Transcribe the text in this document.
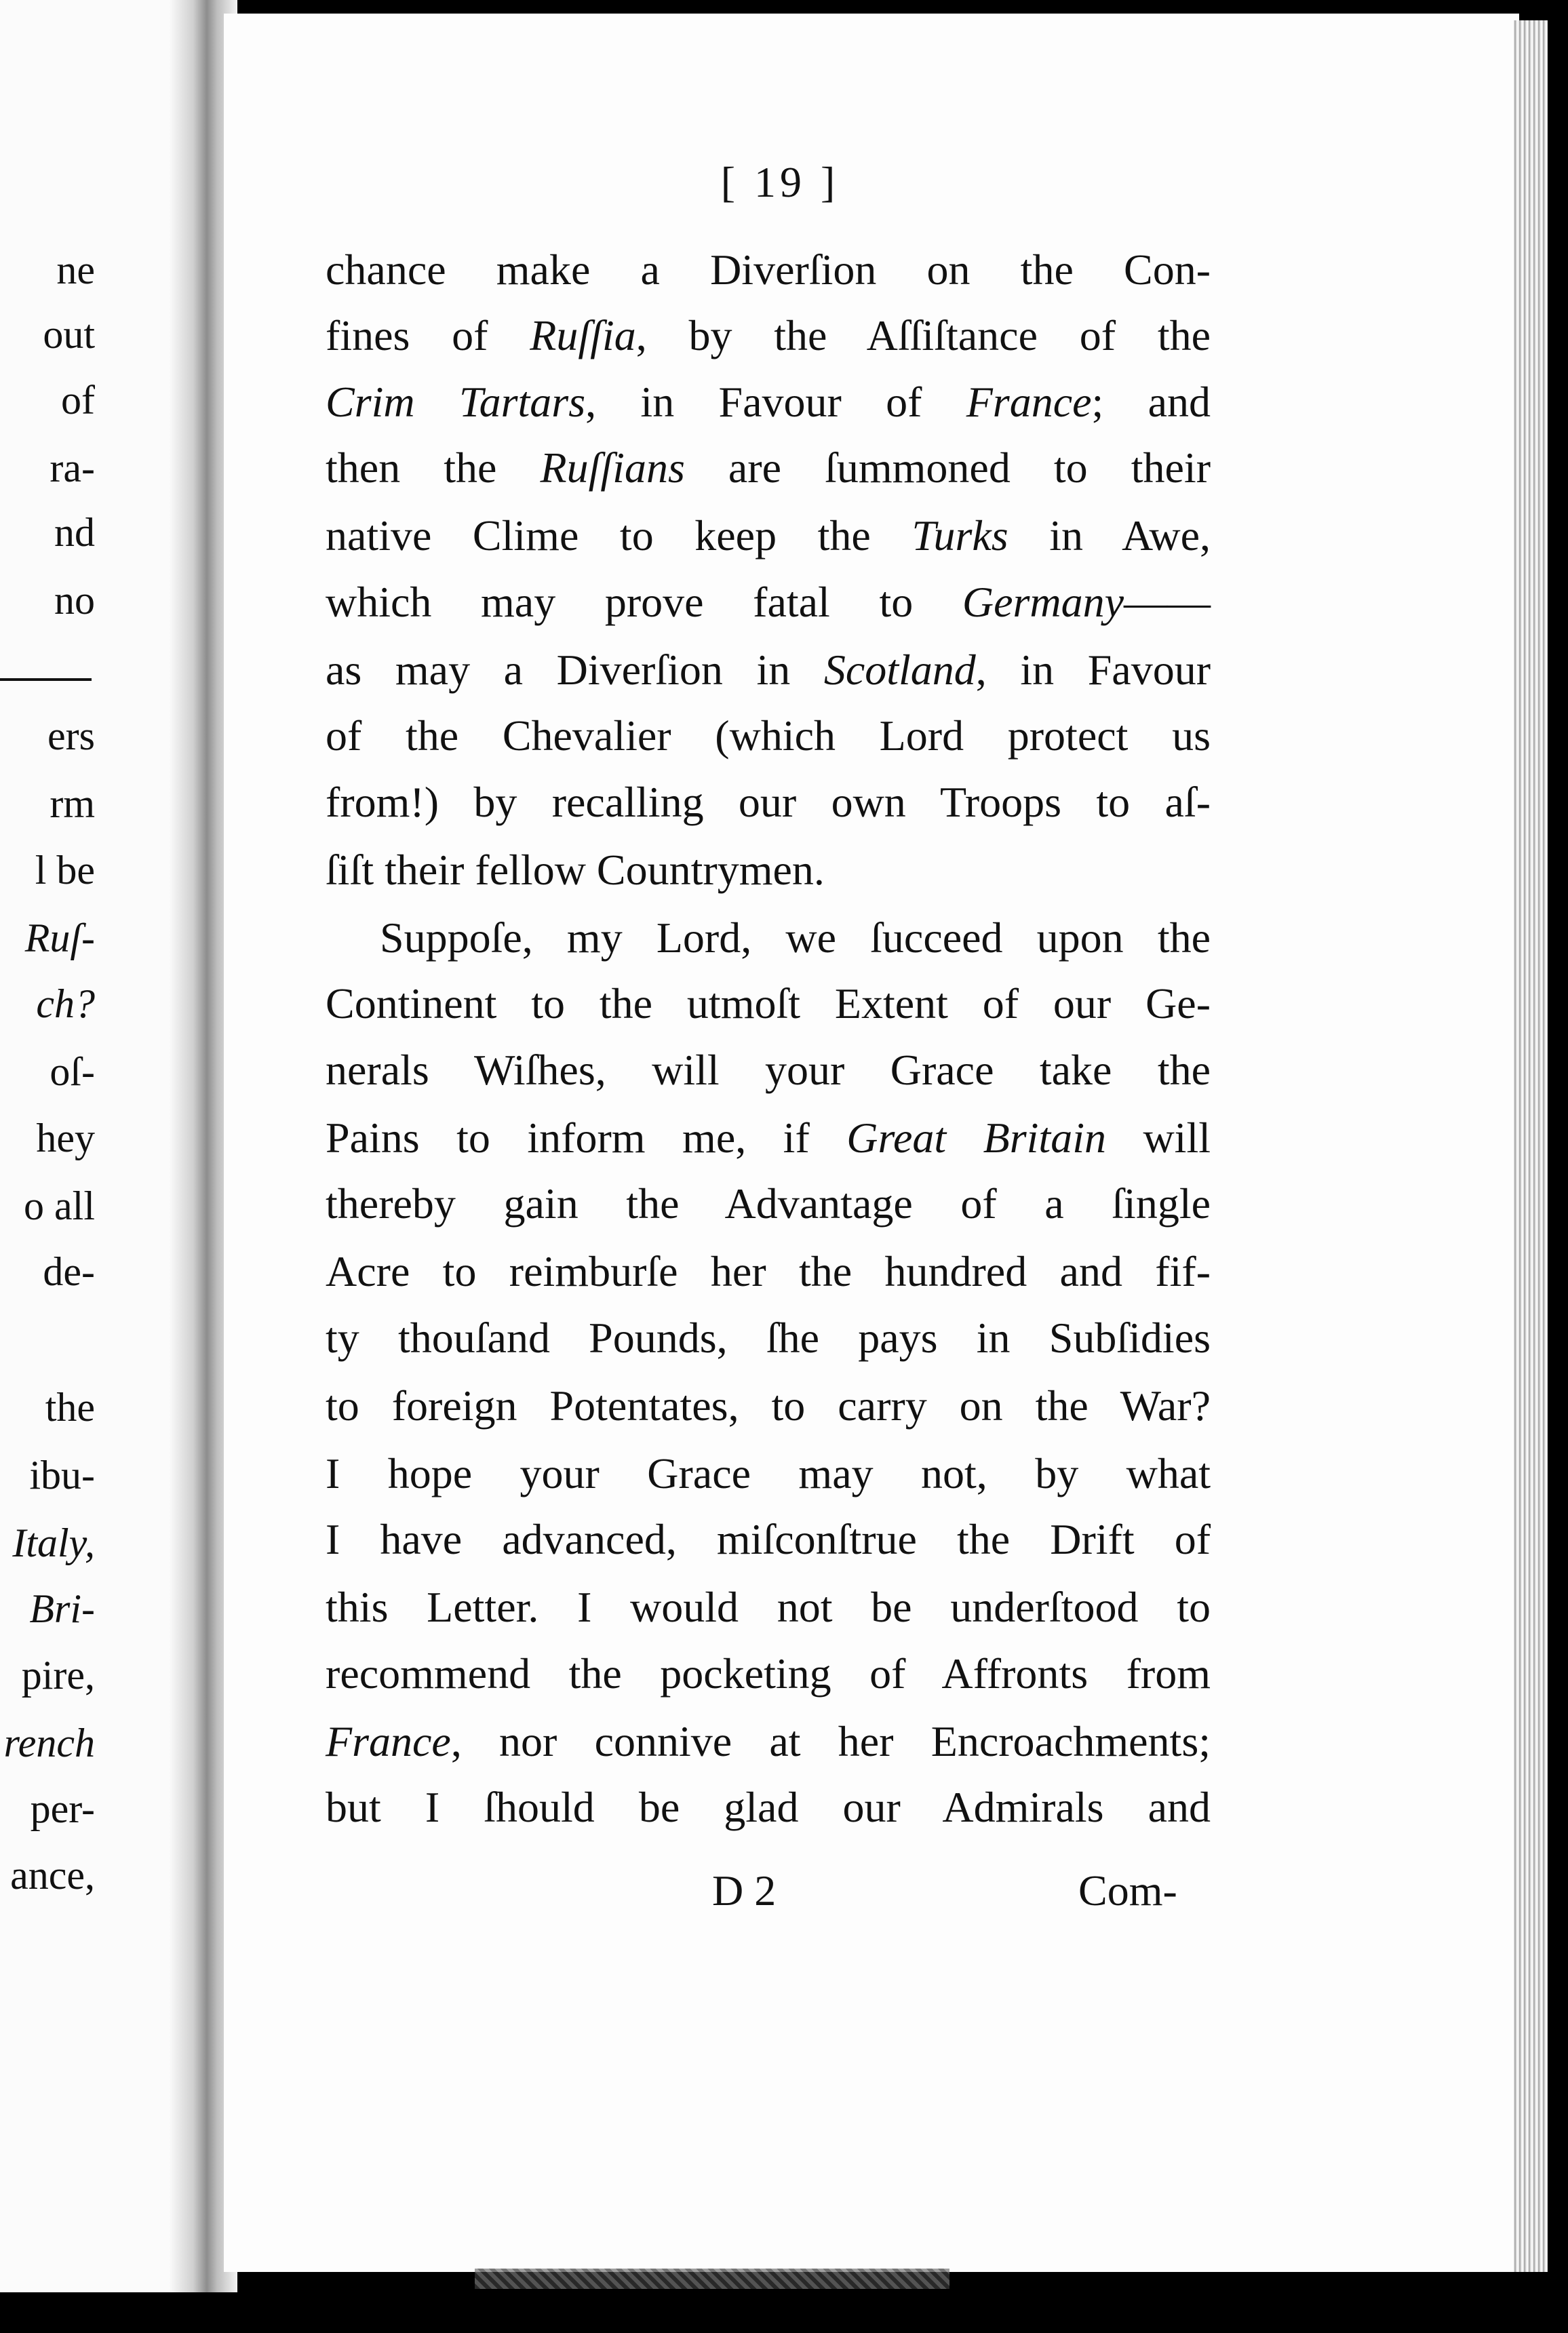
ne
out
of
ra-
nd
no
ers
rm
l be
Ruſ-
ch?
oſ-
hey
o all
de-
the
ibu-
Italy,
Bri-
pire,
rench
per-
ance,
[ 19 ]
chance make a Diverſion on the Con-
fines of Ruſſia, by the Aſſiſtance of the
Crim Tartars, in Favour of France; and
then the Ruſſians are ſummoned to their
native Clime to keep the Turks in Awe,
which may prove fatal to Germany——
as may a Diverſion in Scotland, in Favour
of the Chevalier (which Lord protect us
from!) by recalling our own Troops to aſ-
ſiſt their fellow Countrymen.
Suppoſe, my Lord, we ſucceed upon the
Continent to the utmoſt Extent of our Ge-
nerals Wiſhes, will your Grace take the
Pains to inform me, if Great Britain will
thereby gain the Advantage of a ſingle
Acre to reimburſe her the hundred and fif-
ty thouſand Pounds, ſhe pays in Subſidies
to foreign Potentates, to carry on the War?
I hope your Grace may not, by what
I have advanced, miſconſtrue the Drift of
this Letter. I would not be underſtood to
recommend the pocketing of Affronts from
France, nor connive at her Encroachments;
but I ſhould be glad our Admirals and
D 2	Com-
